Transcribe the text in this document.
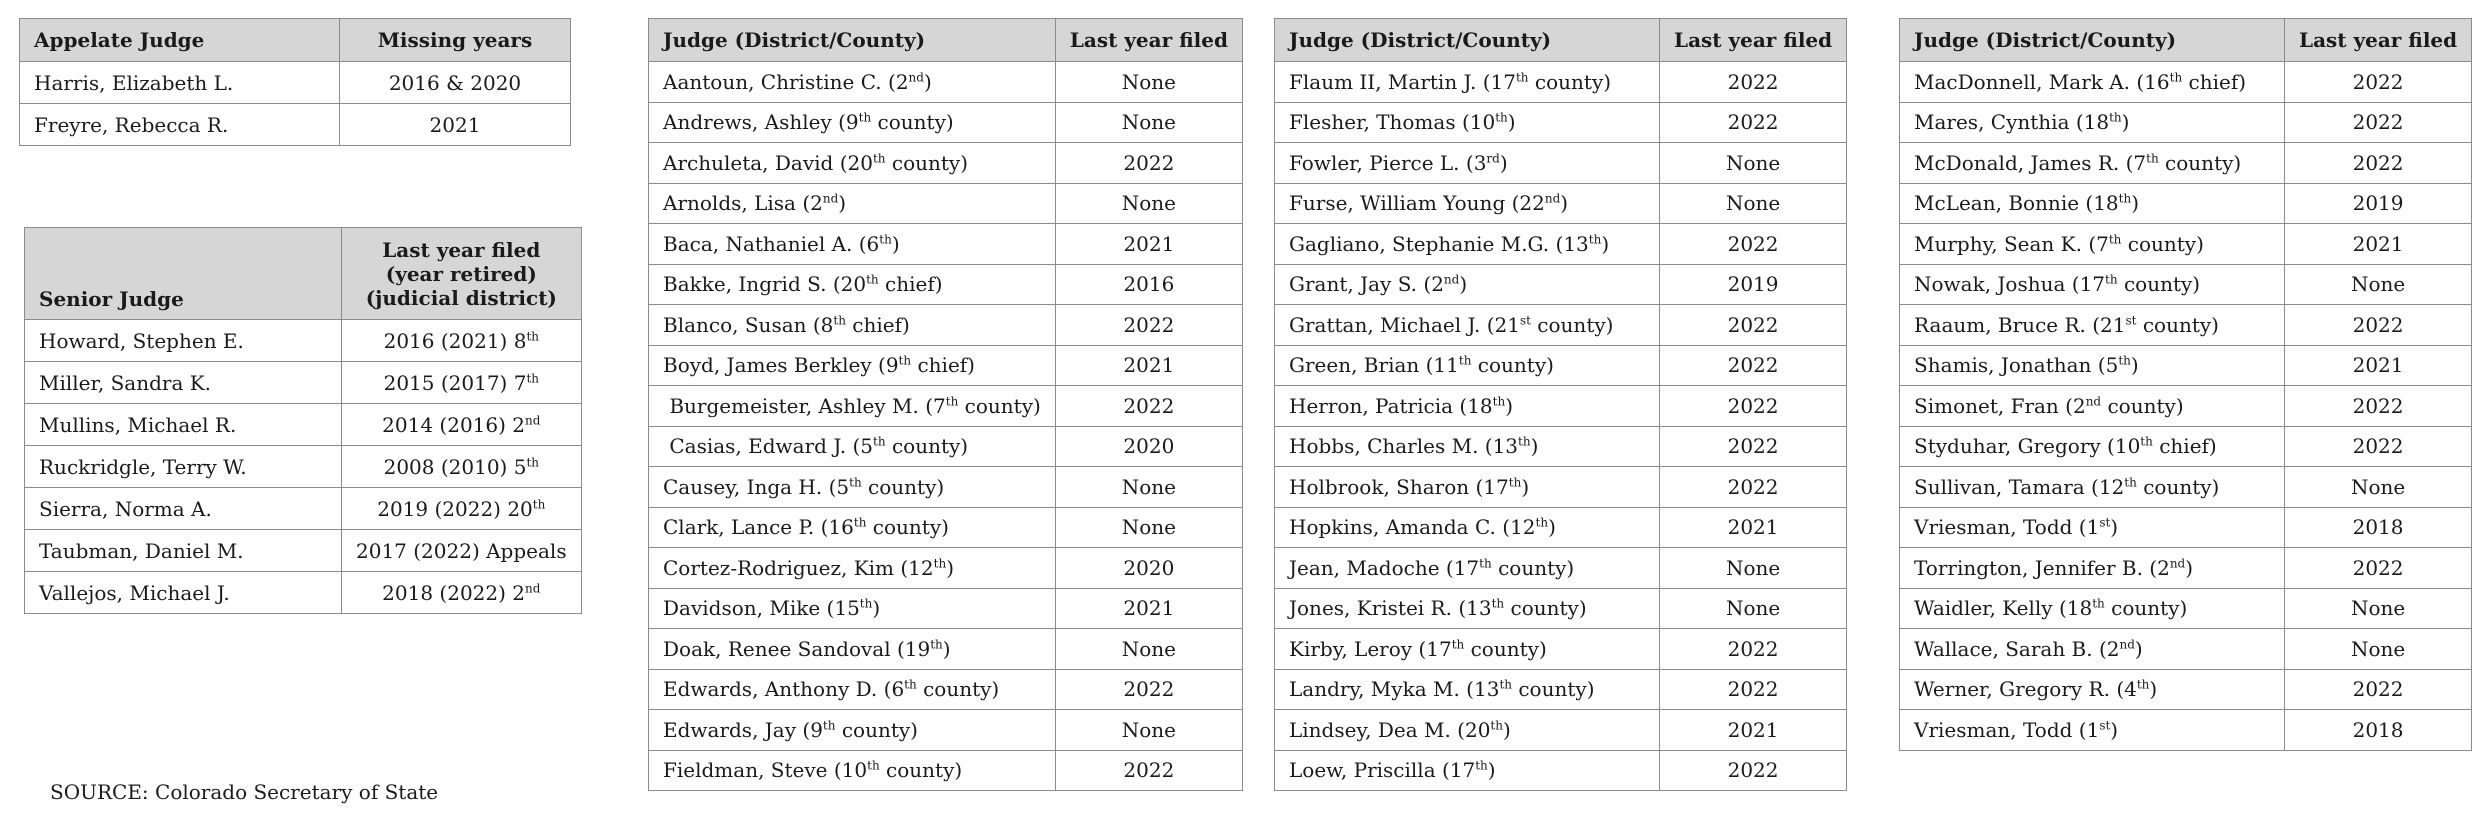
Appelate Judge	Missing years
Harris, Elizabeth L.	2016 & 2020
Freyre, Rebecca R.	2021
Senior Judge	Last year filed (year retired) (judicial district)
Howard, Stephen E.	2016 (2021) 8th
Miller, Sandra K.	2015 (2017) 7th
Mullins, Michael R.	2014 (2016) 2nd
Ruckridgle, Terry W.	2008 (2010) 5th
Sierra, Norma A.	2019 (2022) 20th
Taubman, Daniel M.	2017 (2022) Appeals
Vallejos, Michael J.	2018 (2022) 2nd
Judge (District/County)	Last year filed
Aantoun, Christine C. (2nd)	None
Andrews, Ashley (9th county)	None
Archuleta, David (20th county)	2022
Arnolds, Lisa (2nd)	None
Baca, Nathaniel A. (6th)	2021
Bakke, Ingrid S. (20th chief)	2016
Blanco, Susan (8th chief)	2022
Boyd, James Berkley (9th chief)	2021
Burgemeister, Ashley M. (7th county)	2022
Casias, Edward J. (5th county)	2020
Causey, Inga H. (5th county)	None
Clark, Lance P. (16th county)	None
Cortez-Rodriguez, Kim (12th)	2020
Davidson, Mike (15th)	2021
Doak, Renee Sandoval (19th)	None
Edwards, Anthony D. (6th county)	2022
Edwards, Jay (9th county)	None
Fieldman, Steve (10th county)	2022
Judge (District/County)	Last year filed
Flaum II, Martin J. (17th county)	2022
Flesher, Thomas (10th)	2022
Fowler, Pierce L. (3rd)	None
Furse, William Young (22nd)	None
Gagliano, Stephanie M.G. (13th)	2022
Grant, Jay S. (2nd)	2019
Grattan, Michael J. (21st county)	2022
Green, Brian (11th county)	2022
Herron, Patricia (18th)	2022
Hobbs, Charles M. (13th)	2022
Holbrook, Sharon (17th)	2022
Hopkins, Amanda C. (12th)	2021
Jean, Madoche (17th county)	None
Jones, Kristei R. (13th county)	None
Kirby, Leroy (17th county)	2022
Landry, Myka M. (13th county)	2022
Lindsey, Dea M. (20th)	2021
Loew, Priscilla (17th)	2022
Judge (District/County)	Last year filed
MacDonnell, Mark A. (16th chief)	2022
Mares, Cynthia (18th)	2022
McDonald, James R. (7th county)	2022
McLean, Bonnie (18th)	2019
Murphy, Sean K. (7th county)	2021
Nowak, Joshua (17th county)	None
Raaum, Bruce R. (21st county)	2022
Shamis, Jonathan (5th)	2021
Simonet, Fran (2nd county)	2022
Styduhar, Gregory (10th chief)	2022
Sullivan, Tamara (12th county)	None
Vriesman, Todd (1st)	2018
Torrington, Jennifer B. (2nd)	2022
Waidler, Kelly (18th county)	None
Wallace, Sarah B. (2nd)	None
Werner, Gregory R. (4th)	2022
Vriesman, Todd (1st)	2018
SOURCE: Colorado Secretary of State
